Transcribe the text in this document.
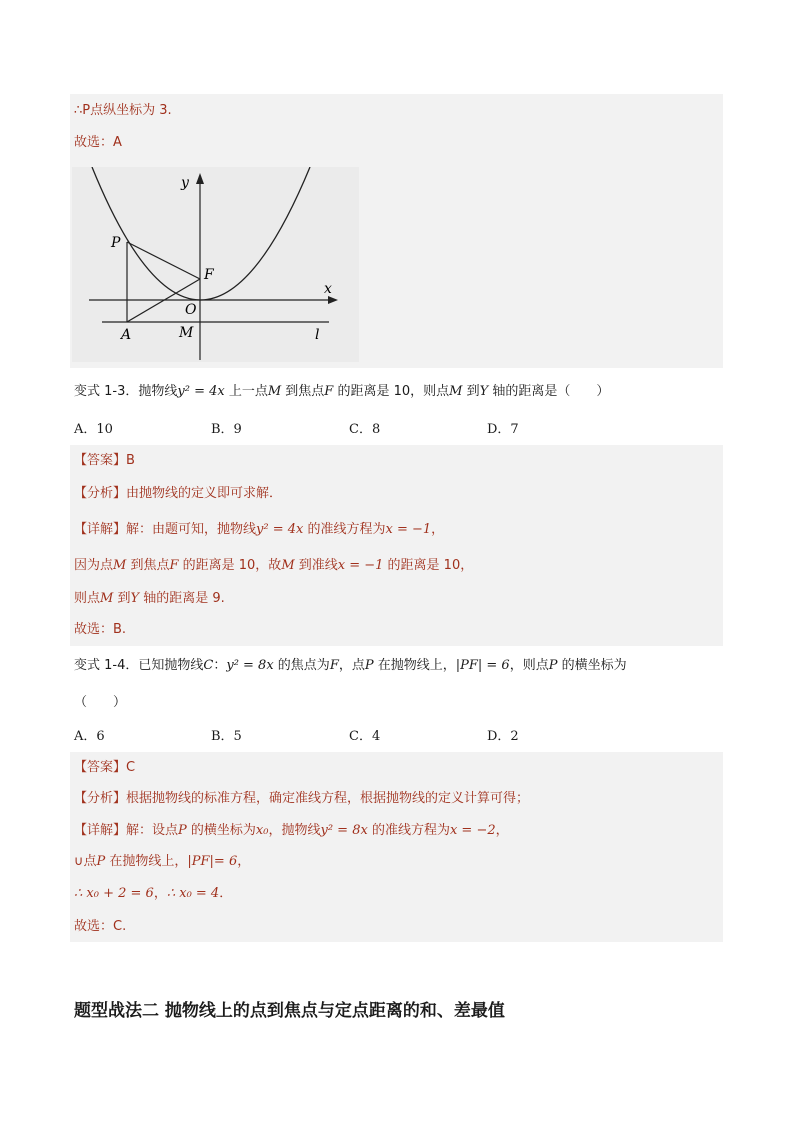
∴P点纵坐标为 3.
故选：A
y
x
P
F
O
A	M	l
变式 1-3．抛物线y² = 4x 上一点M 到焦点F 的距离是 10，则点M 到Y 轴的距离是（　　）
A．10	B．9	C．8	D．7
【答案】B
【分析】由抛物线的定义即可求解．
【详解】解：由题可知，抛物线y² = 4x 的准线方程为x = −1，
因为点M 到焦点F 的距离是 10，故M 到准线x = −1 的距离是 10，
则点M 到Y 轴的距离是 9.
故选：B.
变式 1-4．已知抛物线C：y² = 8x 的焦点为F，点P 在抛物线上，|PF| = 6，则点P 的横坐标为
（　　）
A．6	B．5	C．4	D．2
【答案】C
【分析】根据抛物线的标准方程，确定准线方程，根据抛物线的定义计算可得；
【详解】解：设点P 的横坐标为x₀，抛物线y² = 8x 的准线方程为x = −2，
∪点P 在抛物线上，|PF|= 6，
∴ x₀ + 2 = 6，∴ x₀ = 4．
故选：C.
题型战法二 抛物线上的点到焦点与定点距离的和、差最值
